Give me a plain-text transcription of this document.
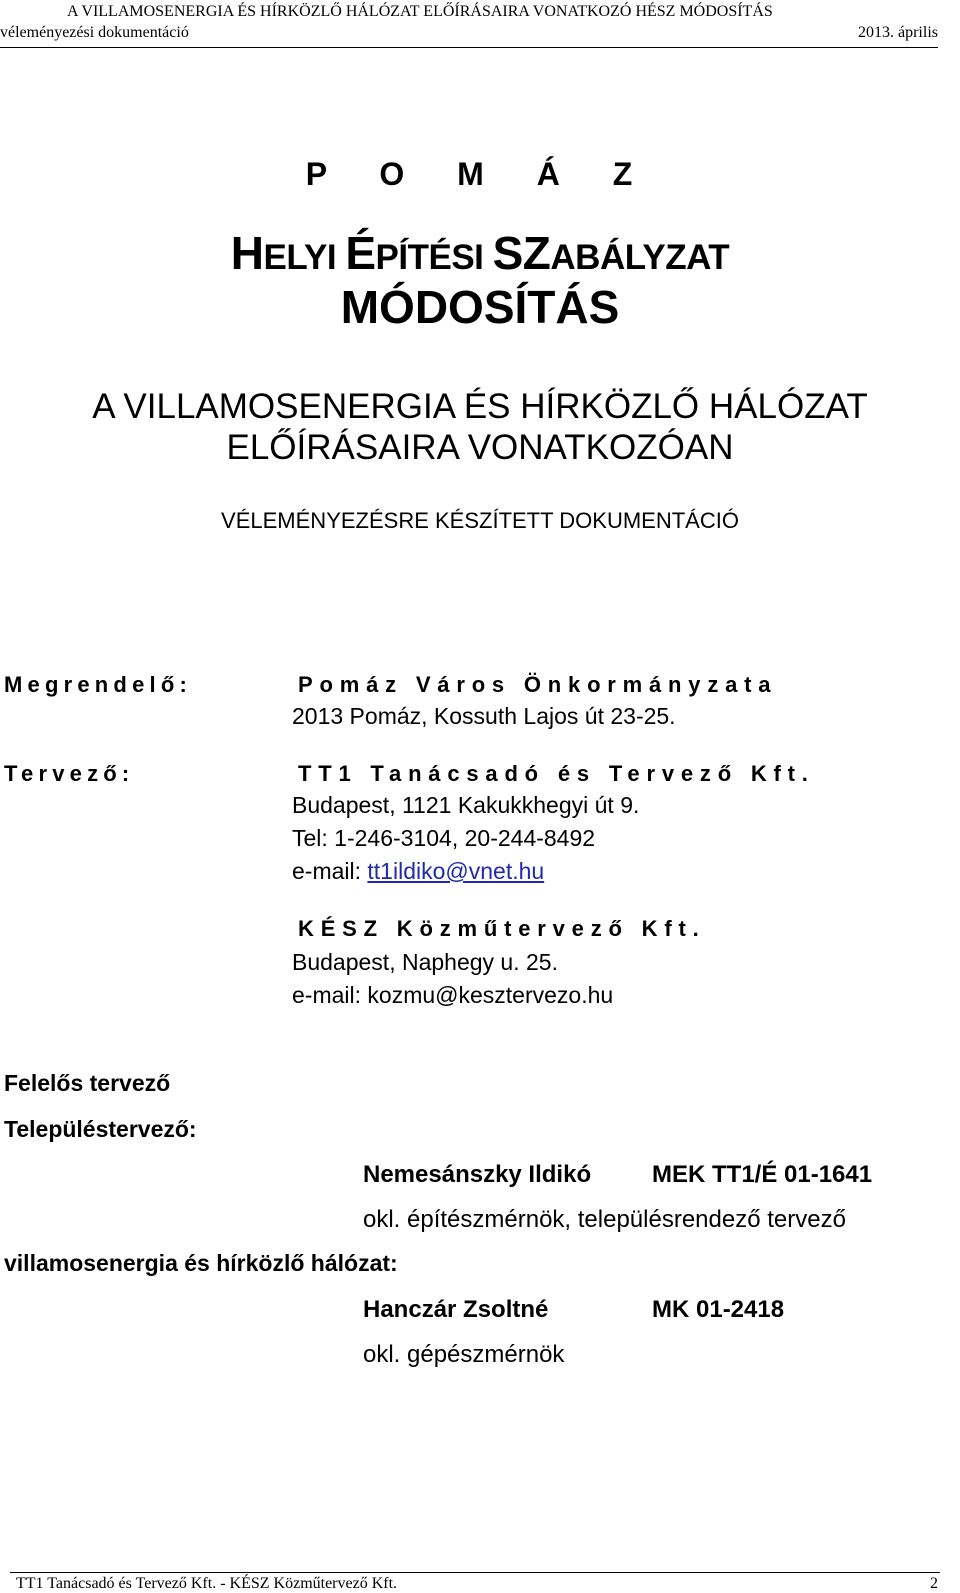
A VILLAMOSENERGIA ÉS HÍRKÖZLŐ HÁLÓZAT ELŐÍRÁSAIRA VONATKOZÓ HÉSZ MÓDOSÍTÁS
véleményezési dokumentáció	2013. április
P O M Á Z
HELYI ÉPÍTÉSI SZABÁLYZAT
MÓDOSÍTÁS
A VILLAMOSENERGIA ÉS HÍRKÖZLŐ HÁLÓZAT
ELŐÍRÁSAIRA VONATKOZÓAN
VÉLEMÉNYEZÉSRE KÉSZÍTETT DOKUMENTÁCIÓ
Megrendelő:	Pomáz Város Önkormányzata
2013 Pomáz, Kossuth Lajos út 23-25.
Tervező:	TT1 Tanácsadó és Tervező Kft.
Budapest, 1121 Kakukkhegyi út 9.
Tel: 1-246-3104, 20-244-8492
e-mail: tt1ildiko@vnet.hu
KÉSZ Közműtervező Kft.
Budapest, Naphegy u. 25.
e-mail: kozmu@kesztervezo.hu
Felelős tervező
Településtervező:
Nemesánszky Ildikó	MEK TT1/É 01-1641
okl. építészmérnök, településrendező tervező
villamosenergia és hírközlő hálózat:
Hanczár Zsoltné	MK 01-2418
okl. gépészmérnök
TT1 Tanácsadó és Tervező Kft. - KÉSZ Közműtervező Kft.	2
